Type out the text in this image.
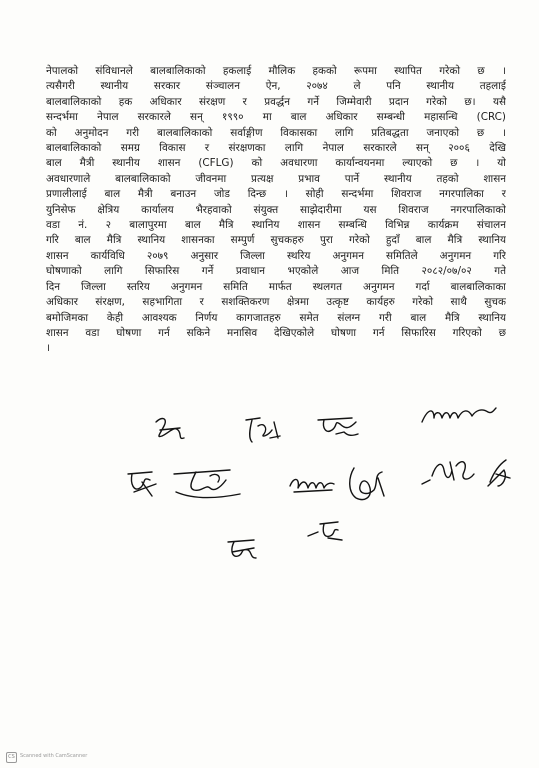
नेपालको संविधानले बालबालिकाको हकलाई मौलिक हकको रूपमा स्थापित गरेको छ ।
त्यसैगरी स्थानीय सरकार संञ्चालन ऐन, २०७४ ले पनि स्थानीय तहलाई
बालबालिकाको हक अधिकार संरक्षण र प्रवर्द्धन गर्ने जिम्मेवारी प्रदान गरेको छ। यसै
सन्दर्भमा नेपाल सरकारले सन् १९९० मा बाल अधिकार सम्बन्धी महासन्धि (CRC)
को अनुमोदन गरी बालबालिकाको सर्वाङ्गीण विकासका लागि प्रतिबद्धता जनाएको छ ।
बालबालिकाको समग्र विकास र संरक्षणका लागि नेपाल सरकारले सन् २००६ देखि
बाल मैत्री स्थानीय शासन (CFLG) को अवधारणा कार्यान्वयनमा ल्याएको छ । यो
अवधारणाले बालबालिकाको जीवनमा प्रत्यक्ष प्रभाव पार्ने स्थानीय तहको शासन
प्रणालीलाई बाल मैत्री बनाउन जोड दिन्छ । सोही सन्दर्भमा शिवराज नगरपालिका र
युनिसेफ क्षेत्रिय कार्यालय भैरहवाको संयुक्त साझेदारीमा यस शिवराज नगरपालिकाको
वडा नं. २ बालापुरमा बाल मैत्रि स्थानिय शासन सम्बन्धि विभिन्न कार्यक्रम संचालन
गरि बाल मैत्रि स्थानिय शासनका सम्पुर्ण सुचकहरु पुरा गरेको हुदाँ बाल मैत्रि स्थानिय
शासन कार्यविधि २०७९ अनुसार जिल्ला स्थरिय अनुगमन समितिले अनुगमन गरि
घोषणाको लागि सिफारिस गर्ने प्रवाधान भएकोले आज मिति २०८२/०७/०२ गते
दिन जिल्ला स्तरिय अनुगमन समिति मार्फत स्थलगत अनुगमन गर्दा बालबालिकाका
अधिकार संरक्षण, सहभागिता र सशक्तिकरण क्षेत्रमा उत्कृष्ट कार्यहरु गरेको साथै सुचक
बमोजिमका केही आवश्यक निर्णय कागजातहरु समेत संलग्न गरी बाल मैत्रि स्थानिय
शासन वडा घोषणा गर्न सकिने मनासिव देखिएकोले घोषणा गर्न सिफारिस गरिएको छ
।
CS	Scanned with CamScanner
